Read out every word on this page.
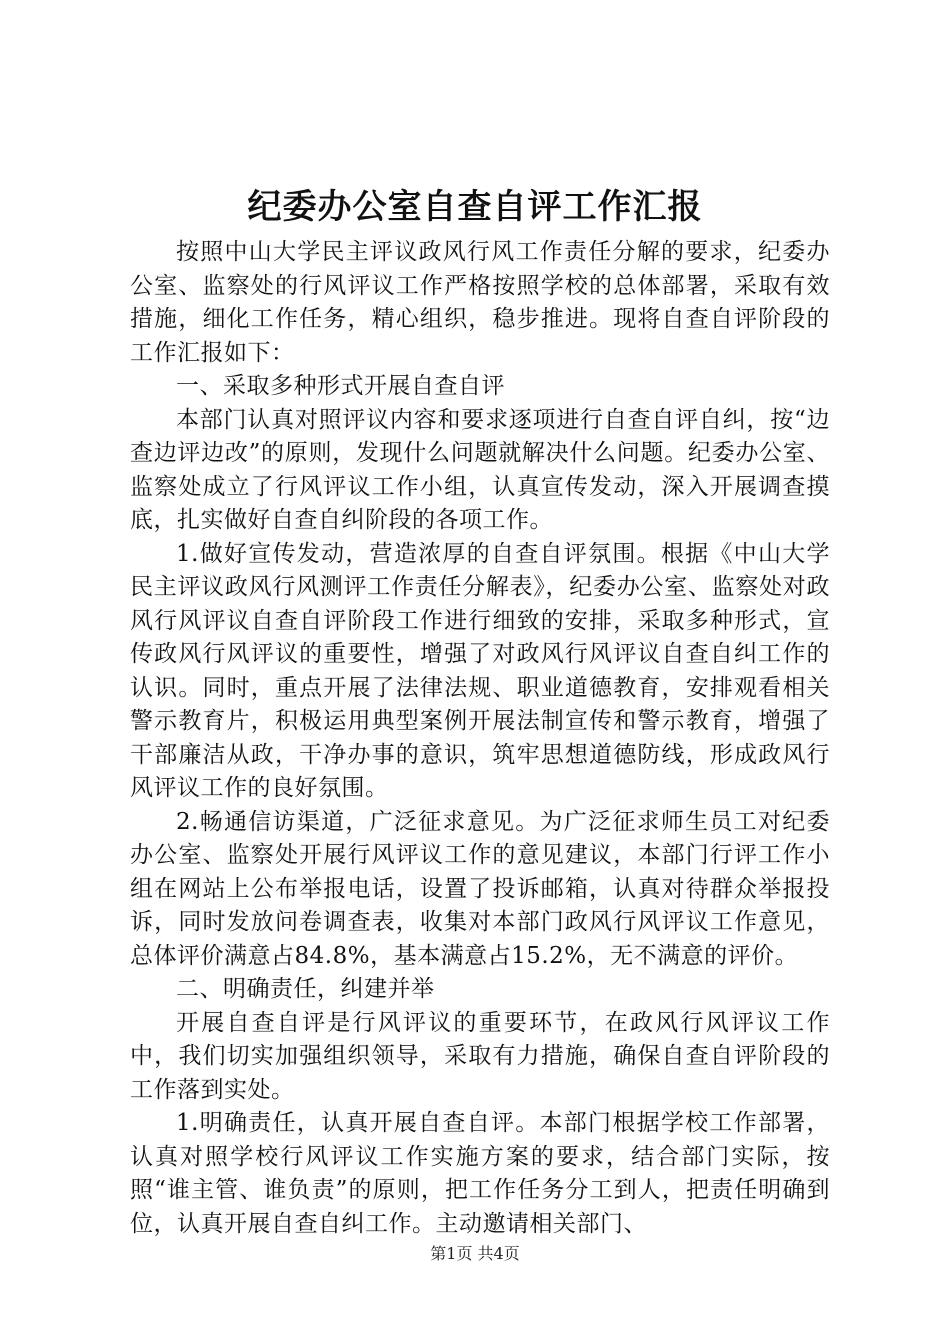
纪委办公室自查自评工作汇报

按照中山大学民主评议政风行风工作责任分解的要求，纪委办公室、监察处的行风评议工作严格按照学校的总体部署，采取有效措施，细化工作任务，精心组织，稳步推进。现将自查自评阶段的工作汇报如下：

一、采取多种形式开展自查自评

本部门认真对照评议内容和要求逐项进行自查自评自纠，按“边查边评边改”的原则，发现什么问题就解决什么问题。纪委办公室、监察处成立了行风评议工作小组，认真宣传发动，深入开展调查摸底，扎实做好自查自纠阶段的各项工作。

1.做好宣传发动，营造浓厚的自查自评氛围。根据《中山大学民主评议政风行风测评工作责任分解表》，纪委办公室、监察处对政风行风评议自查自评阶段工作进行细致的安排，采取多种形式，宣传政风行风评议的重要性，增强了对政风行风评议自查自纠工作的认识。同时，重点开展了法律法规、职业道德教育，安排观看相关警示教育片，积极运用典型案例开展法制宣传和警示教育，增强了干部廉洁从政，干净办事的意识，筑牢思想道德防线，形成政风行风评议工作的良好氛围。

2.畅通信访渠道，广泛征求意见。为广泛征求师生员工对纪委办公室、监察处开展行风评议工作的意见建议，本部门行评工作小组在网站上公布举报电话，设置了投诉邮箱，认真对待群众举报投诉，同时发放问卷调查表，收集对本部门政风行风评议工作意见，总体评价满意占84.8%，基本满意占15.2%，无不满意的评价。

二、明确责任，纠建并举

开展自查自评是行风评议的重要环节，在政风行风评议工作中，我们切实加强组织领导，采取有力措施，确保自查自评阶段的工作落到实处。

1.明确责任，认真开展自查自评。本部门根据学校工作部署，认真对照学校行风评议工作实施方案的要求，结合部门实际，按照“谁主管、谁负责”的原则，把工作任务分工到人，把责任明确到位，认真开展自查自纠工作。主动邀请相关部门、

第1页 共4页
